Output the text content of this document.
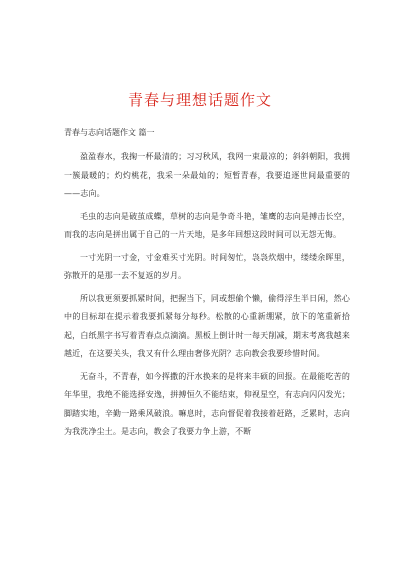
青春与理想话题作文

青春与志向话题作文 篇一

盈盈春水，我掬一杯最清的；习习秋风，我网一束最凉的；斜斜朝阳，我拥一簇最暖的；灼灼桃花，我采一朵最灿的；短暂青春，我要追逐世间最重要的——志向。

毛虫的志向是破茧成蝶，草树的志向是争奇斗艳，雏鹰的志向是搏击长空，而我的志向是拼出属于自己的一片天地，是多年回想这段时间可以无怨无悔。

一寸光阴一寸金，寸金难买寸光阴。时间匆忙，袅袅炊烟中，缕缕余晖里，弥散开的是那一去不复返的岁月。

所以我更须要抓紧时间，把握当下，同或想偷个懒，偷得浮生半日闲，然心中的目标却在提示着我要抓紧每分每秒。松散的心重新绷紧，放下的笔重新拾起，白纸黑字书写着青春点点滴滴。黑板上倒计时一每天削减，期末考离我越来越近，在这要关头，我又有什么理由奢侈光阴？志向教会我要珍惜时间。

无奋斗，不青春，如今挥撒的汗水换来的是将来丰硕的回报。在最能吃苦的年华里，我绝不能选择安逸，拼搏恒久不能结束，仰视星空，有志向闪闪发光；脚踏实地，辛勤一路乘风破浪。嘛息时，志向督促着我接着赶路，乏累时，志向为我洗净尘土。是志向，教会了我要力争上游，不断
